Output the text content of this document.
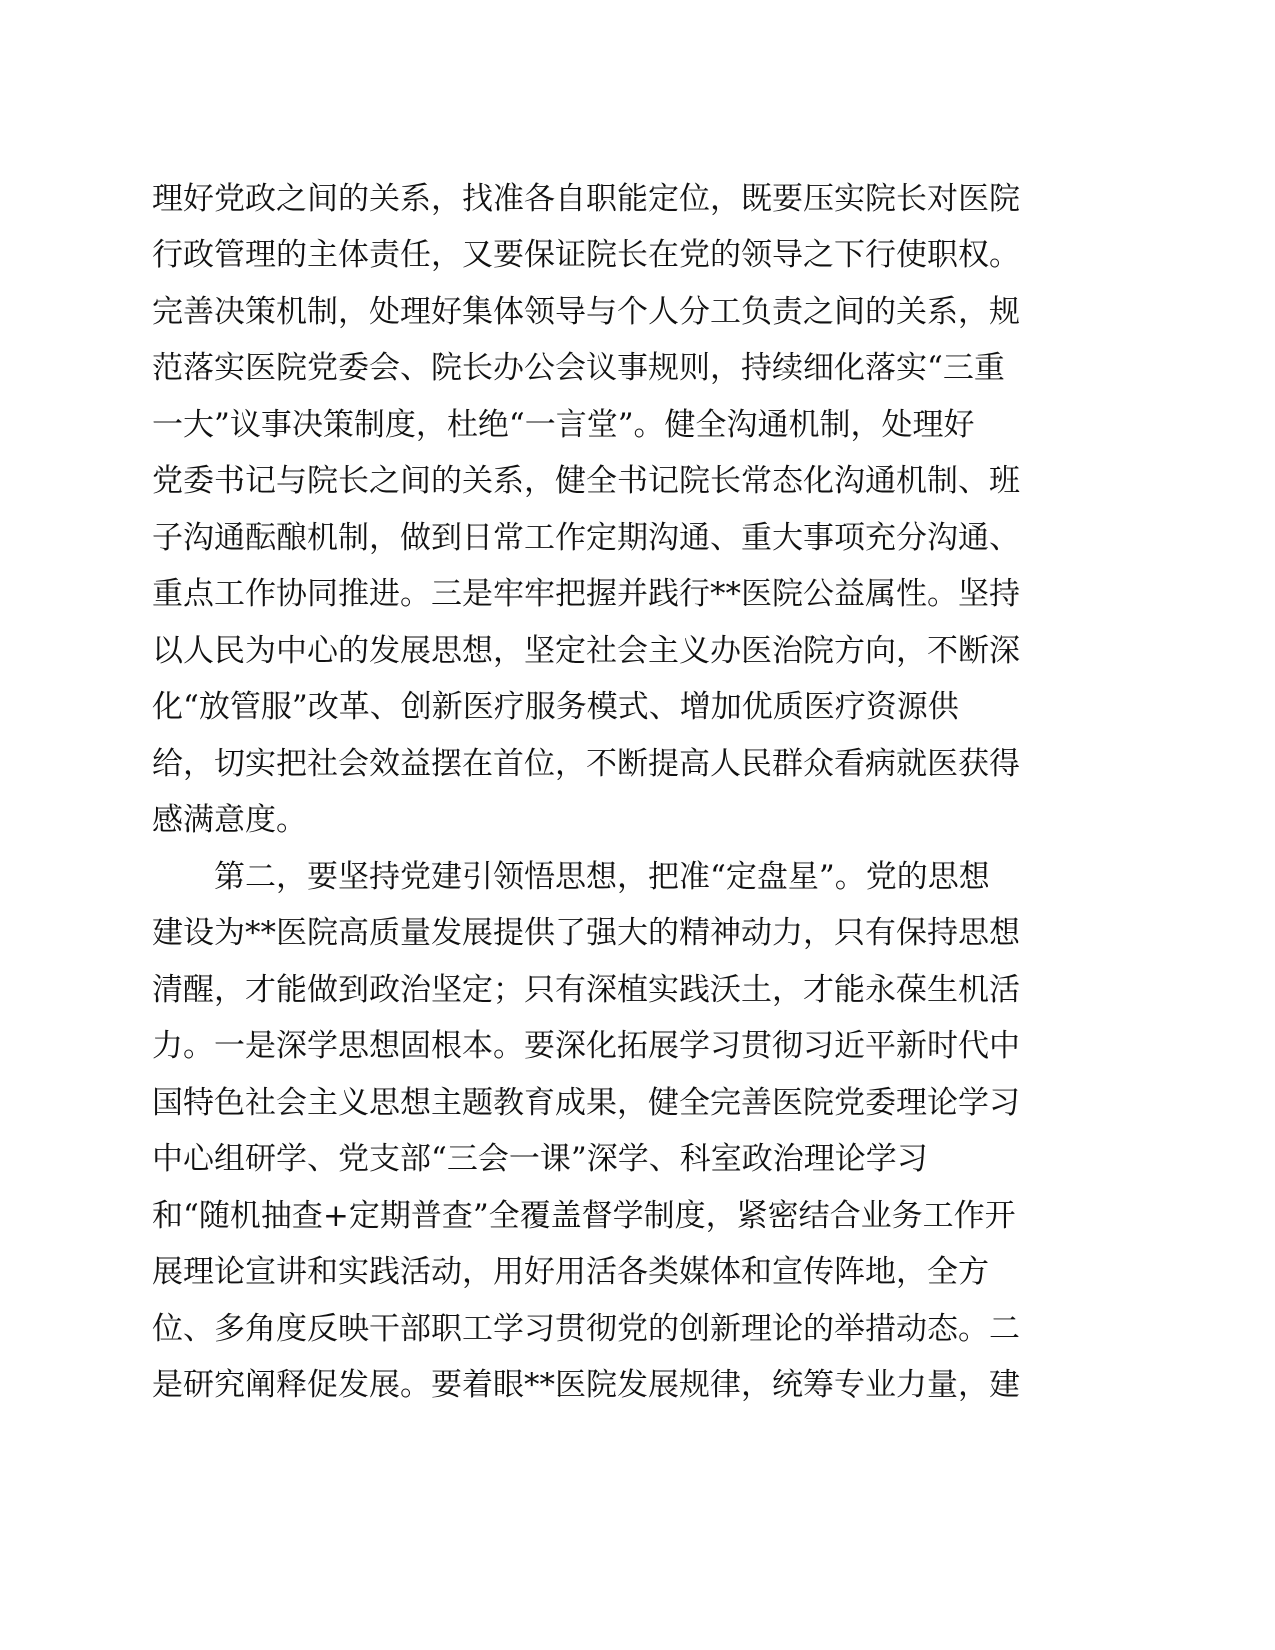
理好党政之间的关系，找准各自职能定位，既要压实院长对医院
行政管理的主体责任，又要保证院长在党的领导之下行使职权。
完善决策机制，处理好集体领导与个人分工负责之间的关系，规
范落实医院党委会、院长办公会议事规则，持续细化落实“三重
一大”议事决策制度，杜绝“一言堂”。健全沟通机制，处理好
党委书记与院长之间的关系，健全书记院长常态化沟通机制、班
子沟通酝酿机制，做到日常工作定期沟通、重大事项充分沟通、
重点工作协同推进。三是牢牢把握并践行**医院公益属性。坚持
以人民为中心的发展思想，坚定社会主义办医治院方向，不断深
化“放管服”改革、创新医疗服务模式、增加优质医疗资源供
给，切实把社会效益摆在首位，不断提高人民群众看病就医获得
感满意度。
　　第二，要坚持党建引领悟思想，把准“定盘星”。党的思想
建设为**医院高质量发展提供了强大的精神动力，只有保持思想
清醒，才能做到政治坚定；只有深植实践沃土，才能永葆生机活
力。一是深学思想固根本。要深化拓展学习贯彻习近平新时代中
国特色社会主义思想主题教育成果，健全完善医院党委理论学习
中心组研学、党支部“三会一课”深学、科室政治理论学习
和“随机抽查+定期普查”全覆盖督学制度，紧密结合业务工作开
展理论宣讲和实践活动，用好用活各类媒体和宣传阵地，全方
位、多角度反映干部职工学习贯彻党的创新理论的举措动态。二
是研究阐释促发展。要着眼**医院发展规律，统筹专业力量，建
